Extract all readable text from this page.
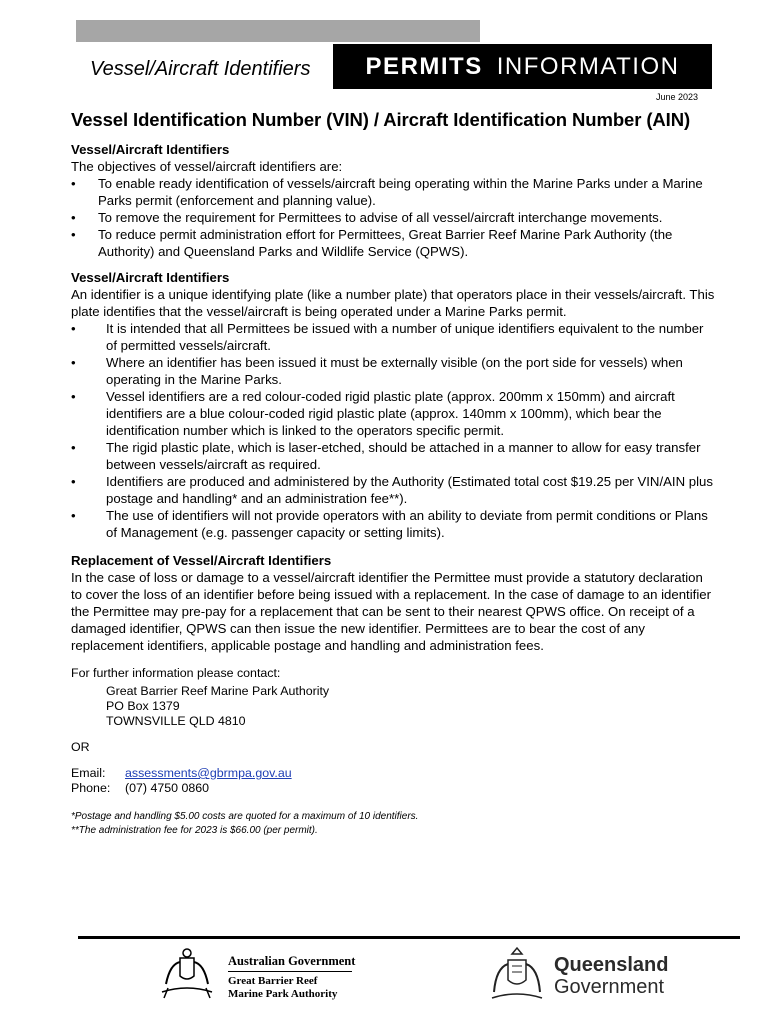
Vessel/Aircraft Identifiers PERMITS INFORMATION
June 2023
Vessel Identification Number (VIN) / Aircraft Identification Number (AIN)
Vessel/Aircraft Identifiers
The objectives of vessel/aircraft identifiers are:
• To enable ready identification of vessels/aircraft being operating within the Marine Parks under a Marine Parks permit (enforcement and planning value).
• To remove the requirement for Permittees to advise of all vessel/aircraft interchange movements.
• To reduce permit administration effort for Permittees, Great Barrier Reef Marine Park Authority (the Authority) and Queensland Parks and Wildlife Service (QPWS).
Vessel/Aircraft Identifiers
An identifier is a unique identifying plate (like a number plate) that operators place in their vessels/aircraft. This plate identifies that the vessel/aircraft is being operated under a Marine Parks permit.
• It is intended that all Permittees be issued with a number of unique identifiers equivalent to the number of permitted vessels/aircraft.
• Where an identifier has been issued it must be externally visible (on the port side for vessels) when operating in the Marine Parks.
• Vessel identifiers are a red colour-coded rigid plastic plate (approx. 200mm x 150mm) and aircraft identifiers are a blue colour-coded rigid plastic plate (approx. 140mm x 100mm), which bear the identification number which is linked to the operators specific permit.
• The rigid plastic plate, which is laser-etched, should be attached in a manner to allow for easy transfer between vessels/aircraft as required.
• Identifiers are produced and administered by the Authority (Estimated total cost $19.25 per VIN/AIN plus postage and handling* and an administration fee**).
• The use of identifiers will not provide operators with an ability to deviate from permit conditions or Plans of Management (e.g. passenger capacity or setting limits).
Replacement of Vessel/Aircraft Identifiers
In the case of loss or damage to a vessel/aircraft identifier the Permittee must provide a statutory declaration to cover the loss of an identifier before being issued with a replacement. In the case of damage to an identifier the Permittee may pre-pay for a replacement that can be sent to their nearest QPWS office. On receipt of a damaged identifier, QPWS can then issue the new identifier. Permittees are to bear the cost of any replacement identifiers, applicable postage and handling and administration fees.
For further information please contact:
Great Barrier Reef Marine Park Authority
PO Box 1379
TOWNSVILLE QLD 4810
OR
Email:	assessments@gbrmpa.gov.au
Phone:	(07) 4750 0860
*Postage and handling $5.00 costs are quoted for a maximum of 10 identifiers.
**The administration fee for 2023 is $66.00 (per permit).
Australian Government
Great Barrier Reef
Marine Park Authority
Queensland
Government
